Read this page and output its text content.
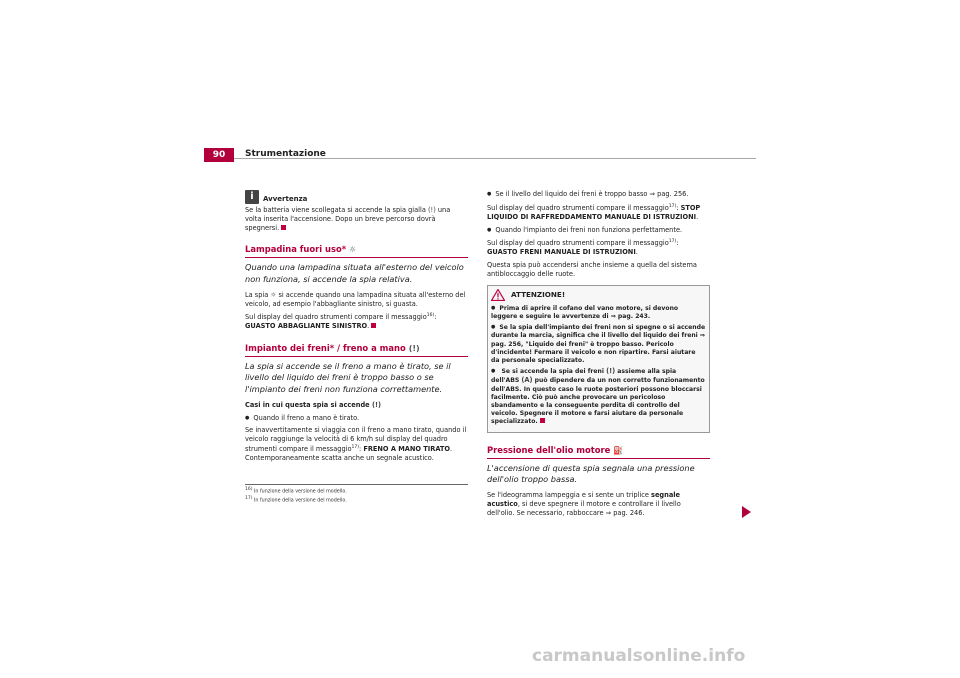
90	Strumentazione
i	Avvertenza

Se la batteria viene scollegata si accende la spia gialla (!) una volta inserita l'accensione. Dopo un breve percorso dovrà spegnersi.

Lampadina fuori uso* ☼
Quando una lampadina situata all'esterno del veicolo non funziona, si accende la spia relativa.

La spia ☼ si accende quando una lampadina situata all'esterno del veicolo, ad esempio l'abbagliante sinistro, si guasta.

Sul display del quadro strumenti compare il messaggio$^{16)}$: GUASTO ABBAGLIANTE SINISTRO.

Impianto dei freni* / freno a mano (!)
La spia si accende se il freno a mano è tirato, se il livello del liquido dei freni è troppo basso o se l'impianto dei freni non funziona correttamente.

Casi in cui questa spia si accende (!)

● Quando il freno a mano è tirato.

Se inavvertitamente si viaggia con il freno a mano tirato, quando il veicolo raggiunge la velocità di 6 km/h sul display del quadro strumenti compare il messaggio$^{17)}$: FRENO A MANO TIRATO. Contemporaneamente scatta anche un segnale acustico.

$^{16)}$ In funzione della versione del modello.
$^{17)}$ In funzione della versione del modello.

● Se il livello del liquido dei freni è troppo basso ⇒ pag. 256.

Sul display del quadro strumenti compare il messaggio$^{17)}$: STOP LIQUIDO DI RAFFREDDAMENTO MANUALE DI ISTRUZIONI.

● Quando l'impianto dei freni non funziona perfettamente.

Sul display del quadro strumenti compare il messaggio$^{17)}$: GUASTO FRENI MANUALE DI ISTRUZIONI.

Questa spia può accendersi anche insieme a quella del sistema antibloccaggio delle ruote.

ATTENZIONE!

● Prima di aprire il cofano del vano motore, si devono leggere e seguire le avvertenze di ⇒ pag. 243.

● Se la spia dell'impianto dei freni non si spegne o si accende durante la marcia, significa che il livello del liquido dei freni ⇒ pag. 256, "Liquido dei freni" è troppo basso. Pericolo d'incidente! Fermare il veicolo e non ripartire. Farsi aiutare da personale specializzato.

● Se si accende la spia dei freni (!) assieme alla spia dell'ABS (A) può dipendere da un non corretto funzionamento dell'ABS. In questo caso le ruote posteriori possono bloccarsi facilmente. Ciò può anche provocare un pericoloso sbandamento e la conseguente perdita di controllo del veicolo. Spegnere il motore e farsi aiutare da personale specializzato.

Pressione dell'olio motore ⛽
L'accensione di questa spia segnala una pressione dell'olio troppo bassa.

Se l'ideogramma lampeggia e si sente un triplice segnale acustico, si deve spegnere il motore e controllare il livello dell'olio. Se necessario, rabboccare ⇒ pag. 246.

carmanualsonline.info
